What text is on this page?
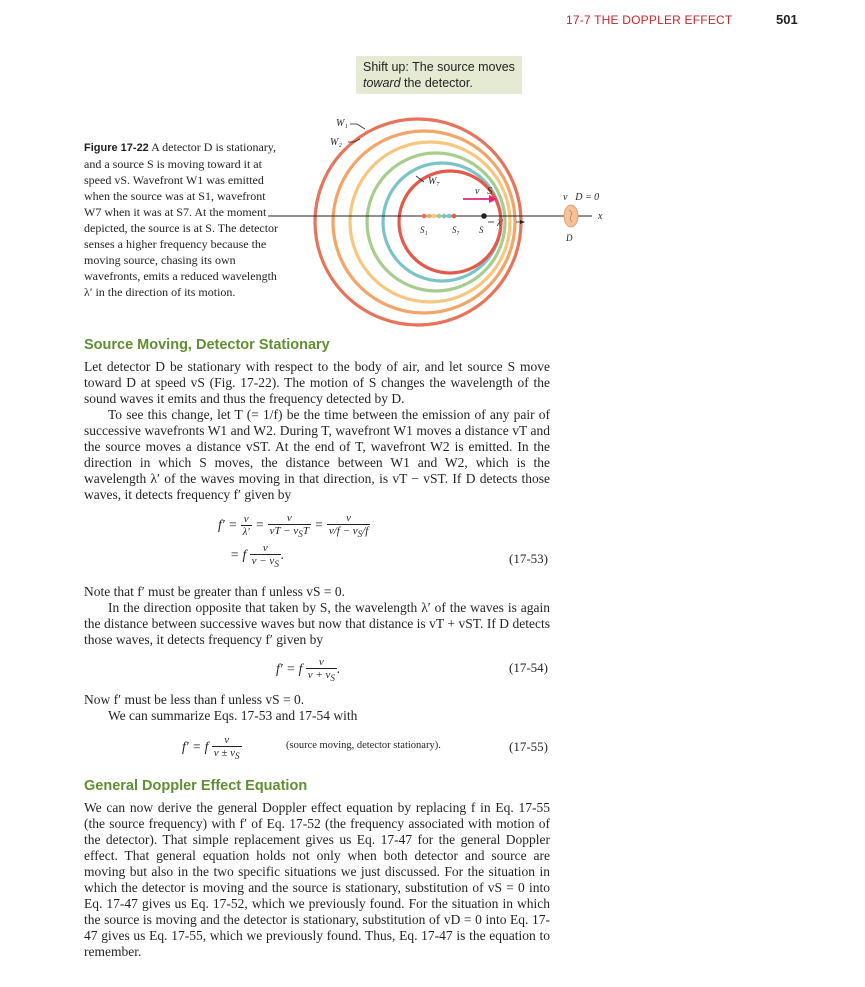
17-7 THE DOPPLER EFFECT	501
Shift up: The source moves
toward the detector.
Figure 17-22 A detector D is stationary, and a source S is moving toward it at speed vS. Wavefront W1 was emitted when the source was at S1, wavefront W7 when it was at S7. At the moment depicted, the source is at S. The detector senses a higher frequency because the moving source, chasing its own wavefronts, emits a reduced wavelength λ′ in the direction of its motion.
W₁
W₂
W₇
v⃗S
v⃗D = 0
S₁	S₇ S
λ′
D
x
Source Moving, Detector Stationary

Let detector D be stationary with respect to the body of air, and let source S move toward D at speed vS (Fig. 17-22). The motion of S changes the wavelength of the sound waves it emits and thus the frequency detected by D.

To see this change, let T (= 1/f) be the time between the emission of any pair of successive wavefronts W1 and W2. During T, wavefront W1 moves a distance vT and the source moves a distance vST. At the end of T, wavefront W2 is emitted. In the direction in which S moves, the distance between W1 and W2, which is the wavelength λ′ of the waves moving in that direction, is vT − vST. If D detects those waves, it detects frequency f′ given by

$f' = \frac{v}{\lambda'} = \frac{v}{vT - v_ST} = \frac{v}{v/f - v_S/f}$
= f $\frac{v}{v - v_S}$ .	(17-53)

Note that f′ must be greater than f unless vS = 0.

In the direction opposite that taken by S, the wavelength λ′ of the waves is again the distance between successive waves but now that distance is vT + vST. If D detects those waves, it detects frequency f′ given by

f′ = f $\frac{v}{v + v_S}$ .	(17-54)

Now f′ must be less than f unless vS = 0.

We can summarize Eqs. 17-53 and 17-54 with

f′ = f $\frac{v}{v \pm v_S}$	(source moving, detector stationary).	(17-55)
General Doppler Effect Equation

We can now derive the general Doppler effect equation by replacing f in Eq. 17-55 (the source frequency) with f′ of Eq. 17-52 (the frequency associated with motion of the detector). That simple replacement gives us Eq. 17-47 for the general Doppler effect. That general equation holds not only when both detector and source are moving but also in the two specific situations we just discussed. For the situation in which the detector is moving and the source is stationary, substitution of vS = 0 into Eq. 17-47 gives us Eq. 17-52, which we previously found. For the situation in which the source is moving and the detector is stationary, substitution of vD = 0 into Eq. 17-47 gives us Eq. 17-55, which we previously found. Thus, Eq. 17-47 is the equation to remember.
